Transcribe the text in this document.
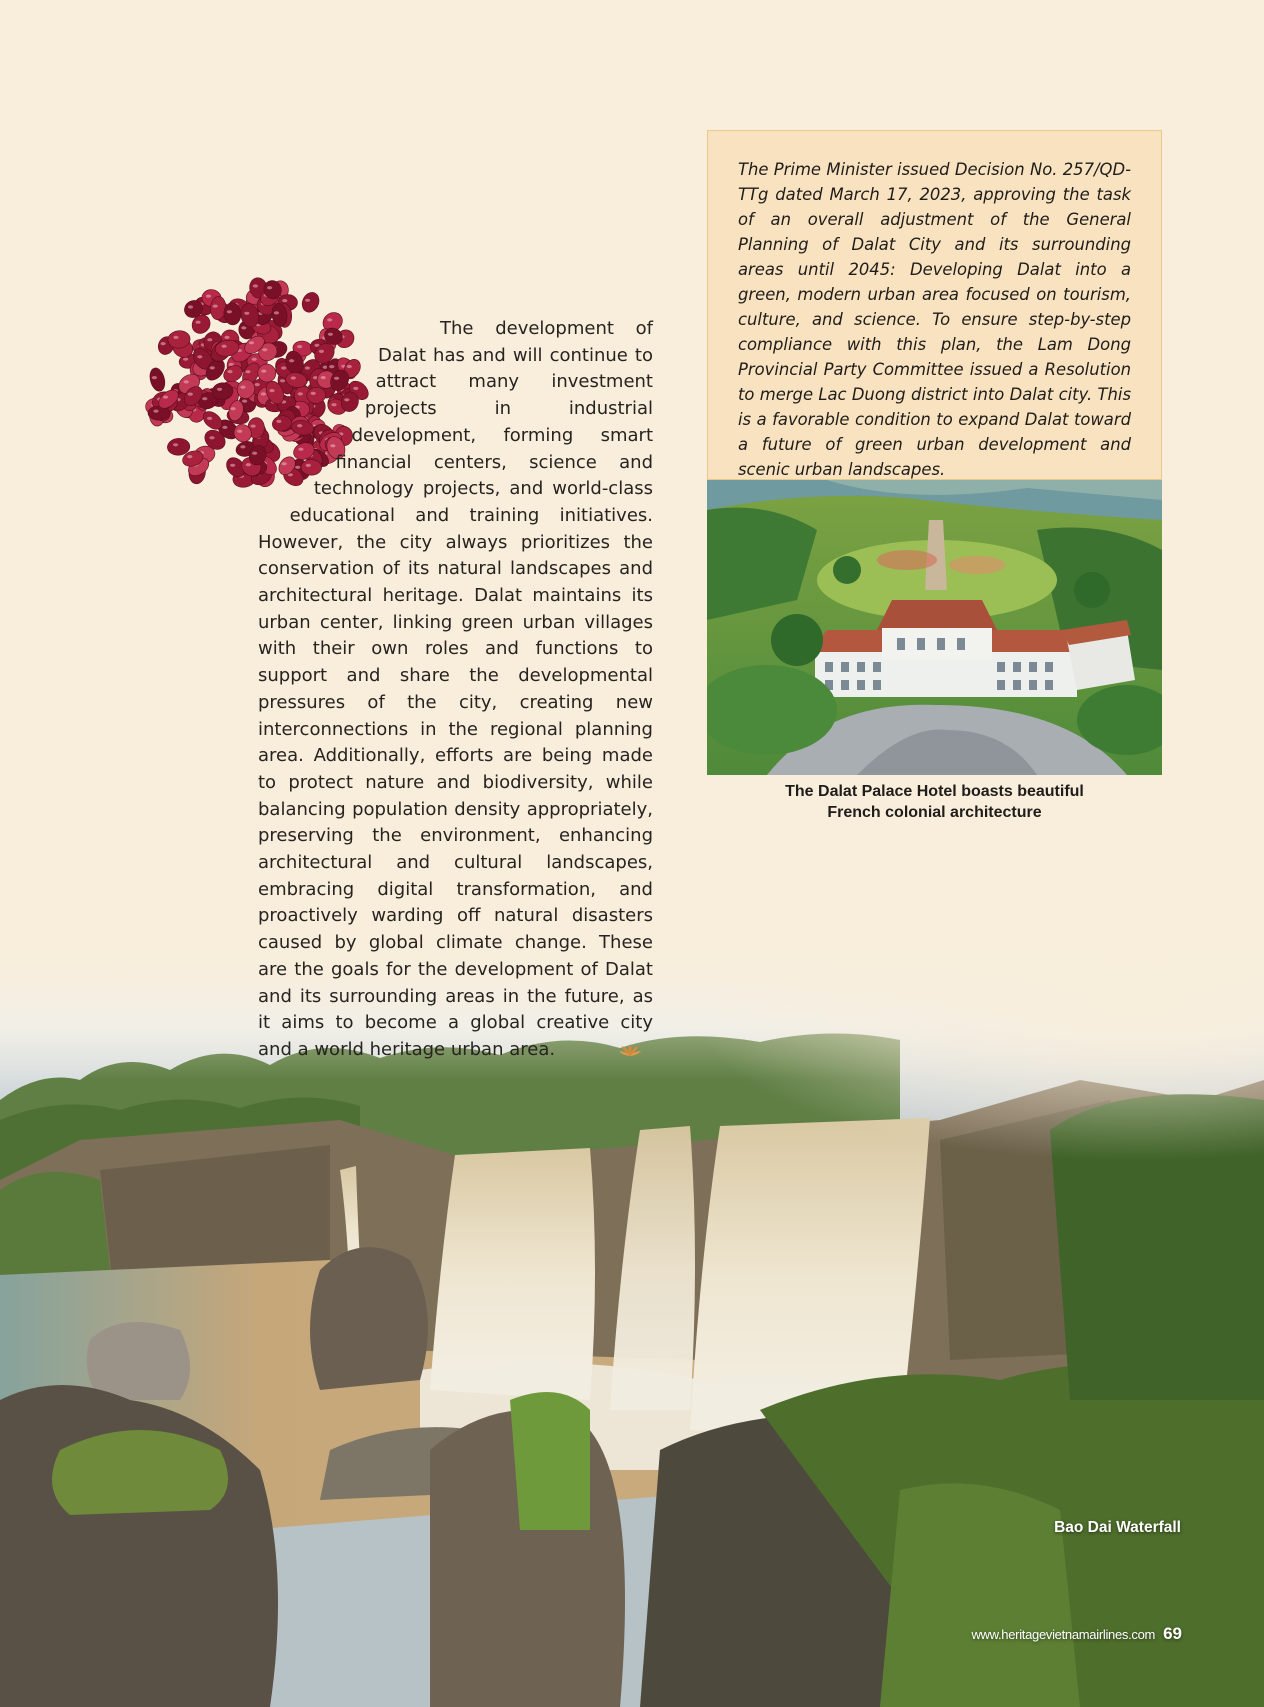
The development of Dalat has and will continue to attract many investment projects in industrial development, forming smart financial centers, science and technology projects, and world-class educational and training initiatives. However, the city always prioritizes the conservation of its natural landscapes and architectural heritage. Dalat maintains its urban center, linking green urban villages with their own roles and functions to support and share the developmental pressures of the city, creating new interconnections in the regional planning area. Additionally, efforts are being made to protect nature and biodiversity, while balancing population density appropriately, preserving the environment, enhancing architectural and cultural landscapes, embracing digital transformation, and proactively warding off natural disasters caused by global climate change. These are the goals for the development of Dalat and its surrounding areas in the future, as it aims to become a global creative city and a world heritage urban area.

The Prime Minister issued Decision No. 257/QD-TTg dated March 17, 2023, approving the task of an overall adjustment of the General Planning of Dalat City and its surrounding areas until 2045: Developing Dalat into a green, modern urban area focused on tourism, culture, and science. To ensure step-by-step compliance with this plan, the Lam Dong Provincial Party Committee issued a Resolution to merge Lac Duong district into Dalat city. This is a favorable condition to expand Dalat toward a future of green urban development and scenic urban landscapes.

The Dalat Palace Hotel boasts beautiful
French colonial architecture
Bao Dai Waterfall
www.heritagevietnamairlines.com 69
